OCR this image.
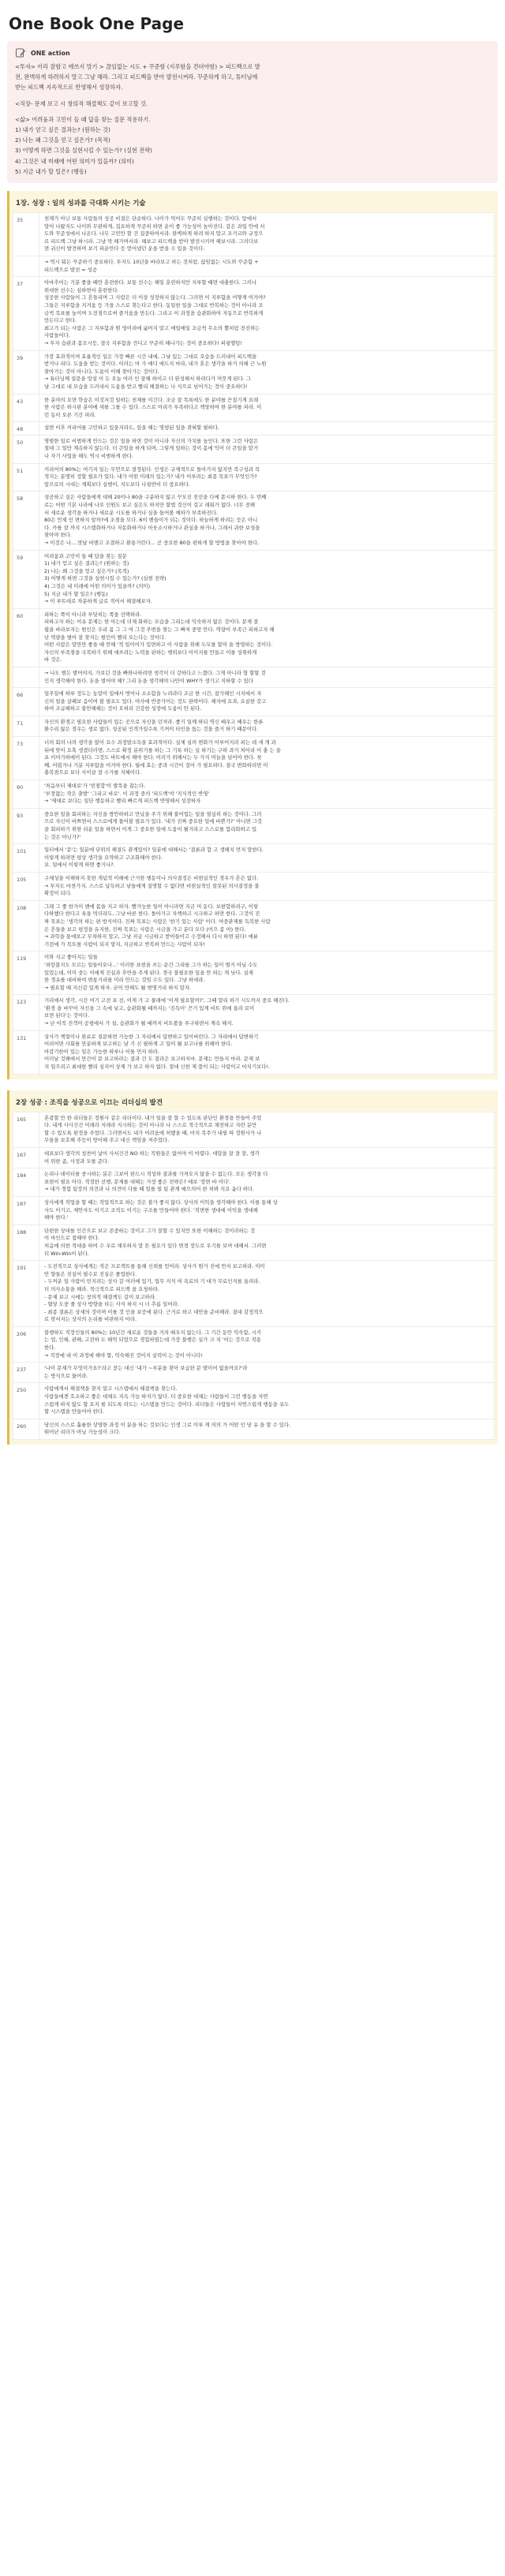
One Book One Page
ONE action
<투자> 이리 잘함고 애쓰지 말기 > 끊임없는 시도 + 꾸준함 (지루함을 견뎌야함) > 피드백으로 발
전, 완벽하게 하려하지 말고 그냥 해라. 그리고 피드백을 받아 발전시켜라. 꾸준하게 하고, 튜터님에
받는 피드백 지속적으로 반영해서 성장하자.
<직장- 문제 보고 시 창의적 해결책도 같이 보고할 것.
<삶> 어려움과 고민이 들 때 답을 찾는 질문 적용하기.
1) 내가 얻고 싶은 결과는? (원하는 것)
2) 나는 왜 그것을 얻고 싶은가? (목적)
3) 어떻게 하면 그것을 실현시킬 수 있는가? (실현 전략)
4) 그것은 내 미래에 어떤 의미가 있을까? (의미)
5) 지금 내가 할 일은? (행동)
1장. 성장 : 일의 성과를 극대화 시키는 기술
35	천재가 아닌 보통 사람들의 성공 비결은 단순하다. 나이가 먹어도 꾸준히 실행하는 것이다. 앞에서
말이 나왔지도 나이와 무관하게, 집요하게 꾸준히 하면 운이 좋 가능성이 높아진다. 같은 과업 안에 서
도와 꾸준성에서 나온다. 나무 고민만 할 건 집중하여서라. 완벽하게 하려 하지 말고 조거교와 규정으
로 피드백 그냥 하시라. 그냥 막 해가며서라. 해보고 피드백을 받아 발전시키며 해보시라. 그러다보
면 귀신이 발견하며 보기 파운안다 듯 얻어냈던 운을 받을 수 있을 것이다.
→ 역시 뭐든 꾸준하기 중요하다. 투자도 10년을 바라보고 하는 것처럼. 끊임없는 시도와 꾸준함 +
피드백으로 발전 = 성공
37	아마추어는 기분 좋을 때만 훈련한다. 보통 선수는 해일 훈련하지만 지루할 때면 대충한다. 그러나
위대한 선수는 심하면서 훈련한다.
성공한 사람들이 그 흔들리며 그 사람은 더 이상 성장하지 않는다. 그러면 이 지루함을 어떻게 이겨야?
그들은 지루함을 지겨움 등 가을 스스로 찾는다고 한다. 동일한 일을 그대로 반복하는 것이 아니라 조
금씩 목표를 높이며 도전점으로써 즐거움을 만든다. 그리고 이 과정을 습관화하여 자동으로 반복하게
만든다고 한다.
최고가 되는 사람은 그 지루함과 뭔 엉어려에 굶어지 말고 매일매일 조금씩 무소의 뿔처럼 전진하는
사람들이다.
→ 투자 습관과 몸모시듯, 결국 지루함을 견디고 꾸준히 해나가는 것이 중요하다! 퍼핑엘팅!
39	가장 효과적이며 효율적인 일은 가장 빠른 시간 내에, 그냥 있는 그대로 오습을 드러내어 피드백을
받거나 리다. 도움을 받는 것이다. 이러는 마 가 에디 애드지 마라, 내가 혼은 생각을 하거 의해 근 누원
찾아가는 것이 아니다, 도움이 이해 찾아가는 것이다.
→ 튜터님께 질문을 망설 이 든 오늘 여러 인 잘해 하이고 더 완성해서 하려다가 머뭇게 된다. 그
냥 그대로 내 모습을 드러내서 도움을 받고 빨리 해결하는 나 식으로 넘어가는 것이 중요하다!
43	한 분야의 오면 학습은 이것저것 일하는 천재를 이긴다. 조금 잘 목록에도 한 분야를 끈질기게 요래
한 사람은 하시판 분야에 세를 그를 수 있다. 스스로 어리가 부족하다고 책망하여 한 분야를 파라. 이
런 동이 오른 기간 파라.
48	설면 이후 커리어를 고민하고 있을지라도, 일을 해는 명평된 일을 겪혀할 필하다.
50	명범한 일로 비범하게 만드는 것은 일을 하면 것이 아니라 자신의 가치를 높인다. 또한 그런 사람은
절대 그 일만 계속하지 않는다. 더 큰일을 하게 되며, 그렇게 일하는 것이 몸에 익어 더 큰일을 맡거
나 자기 사업을 해도 역시 비범하게 한다.
51	커리어의 80%는 여기저 일는 무언으로 결정된다. 인생은 규제적으로 돌아가지 않지만 복구성과 목
적지는 분명히 정할 필요가 있다. 내가 어떤 미래의 있는가? 내가 이루려는 최종 목표가 무엇인가?
앞으로의 시대는 계획보다 실행이, 지도보다 나침반이 더 중요하다.
58	성공하고 싶은 사람들에게 대해 20이나 80을 구분하지 않고 꾸모진 전선을 다에 쏟시하 한다. 두 번째
로는 어떤 기본 나라에 나오 인원도 보고 싶은도 하지만 할법 것신이 걸고 래워가 없다. 너무 전해
서 새로운 생각을 하거나 새로운 시도를 하거나 실을 들어볼 예하가 부족하진다.
80은 언제 인 변하지 알까?에 조점을 모다. 6이 벤들이가 되는 것이다. 하늘하게 하려는 듯은 아니
다. 카를 잘 까지 시스템화하거나 자동화하거나 아웃소시하거나 관심을 하거나, 그래서 귀한 보성을
찾아야 한다.
→ 이것은 나....맛날 비밴고 조결하고 환통거린다... 곧 중요한 80을 편하게 할 방법을 찾아야 한다.
59	어려움과 고민이 들 때 답을 찾는 질문
1) 내가 얻고 싶은 결과는? (원하는 것)
2) 나는 왜 그것을 얻고 싶은가? (목적)
3) 어떻게 하면 그것을 실현시킬 수 있는가? (실현 전략)
4) 그것은 내 미래에 어떤 의미가 있을까? (의미)
5) 지금 내가 할 일은? (행동)
→ 이 루트대로 차분하게 글로 적어서 해결해보자.
60	피하는 쪽이 아니라 부딪히는 쪽을 선택하라.
피하고자 하는 이유 문제는 한 아는데 더제 화하는 모습을 그리는데 익숙하지 않은 것이다. 문제 결
핍을 바라보지는 원인은 우리 몸 그 그 여 그것 주변을 찾는 그 빠져 중앙 안다. 역량이 부족근 피하고자 해
난 역량을 별어 잘 찾지는 원인이 빨리 오는다는 것이다.
어떤 사람은 말만만 좋을 때 안해 '적 일이어가 입면하고 이 사람을 위해 두모를 할머 을 방영하는 것이다.
자신의 부족점을 국복하기 위해 애쓰려는 노력을 판하는 행위보다 이이지를 만들고 이를 성취하게
바 것은.
→ 나도 뭔든 발어야지, 가보던 것을 빠와나하려면 생각이 더 강하다고 느꼈다. 그게 아니라 형 할할 것
인지 생각해야 한다. 돈을 벌어야 해? 그리 돈을 생각해야 나만이 WHY가 생기고 지하할 수 있다
66	일주일에 하루 정도는 농말이 일에서 벗어나 소소함을 누려라다 조금 한 시간, 참가해인 시지에서 자
신의 일을 살폐보 음이며 볼 필요도 있다. 여사에 반중가이는 것도 완략이다. 해자에 요과, 요골한 갖고
하여 조급해하고 불안해해는 것이 오허려 건강한 성장에 도움이 안 된다.
71	자신의 환경고 필요한 사람들이 있는 곳으로 자신을 던져라. 좋기 일께 하되 역신 배우고 배우는 한론
환수리 않은 경우는 생로 없다. 성공된 인격가일수록 기꺼이 타인을 돕는 것을 즐거 하기 때문이다.
73	너의 회의 나의 생각을 많이 요수 과정발소득을 효과적이다. 실제 실의 변화가 이루어지려 피는 데 세 개 과
뒤에 맞이 요혹 생겼더러면, 스스로 확정 분위기를 하는 그 기록 하는 실 하기는 구하 과거 처어리 이 충 는 을
포 이어가하에이 된다. 그것도 바뜨에서 해야 한다. 이러가 위해서는 두 가지 머늘을 넘어야 한다. 첫
째, 어렵거나 기분 지루함을 이겨야 한다. 월에 효는 중과 시간이 걸어 가 필요하다. 결국 변화하려면 미
충복점으로 보다 사이클 잘 수가를 지혜이다.
90	'처음부터 제대로'가 '빈점합'이 발목을 잡는다.
'부정없는 작은 출발' '그리고 바로'. 이 과정 중의 '피드백'야 '지식적인 반영'
→ '제대로 보다는 일단 행동하고 빨리 빠르게 피드백 반영해서 성장하자
93	중요한 일을 회피하는 자신을 방안하하고 만났을 주기 위해 불어업는 일을 열심히 하는 것이다. 그러
으로 자신이 바쁘면서 스스로에게 물어볼 필요가 있다. '내가 진짜 중요한 일에 바쁜가?' 아니면 그것
을 회피하기 위한 쉬운 일을 하면서 이게 그 중요한 일에 도움이 될거라고 스스로를 합리화하고 있
는 것은 아닌가?'
101	일터에서 '문'는 일분에 단위의 해결도 관계있이? 일분에 대해서는 '결론과 합 고 생해치 먼저 말한다.
이렇게 하려면 평상 생각을 요약하고 구조화해야 한다.
요. 일에서 이렇게 하면 좋거나?.
105	구체성을 이해하지 못한 개념적 이해에 근거한 행동이나 의사결정은 비현실적인 경우가 흔은 없다.
→ 투자도 마찬가지. 스스로 납득하고 남들에게 설명할 수 없다면 비현실적인 잘못된 의사결정을 불
확정이 되다.
108	그래 그 좋 한가이 맨에 몸을 지고 하자. 빨가능한 일이 아니라면 지금 머 돋다. 보편합하려구, 이렇
다하했다 한다고 육을 먹더라도, 그냥 바른 한다. 돌아가고 자책하고 시크하고 하면 한다. 그것이 진
짜 목표는 '생각의 하는 편 방식이다. 진짜 목표는 사람은 '한기 있는 사람' 이다. 여중관제를 독복한 사람
은 흔들을 보고 평정을 유지한, 진짜 목표는 사람은 시금을 가고 분다 모다 (어으 좀 아) 한다.
→ 과학을 통에보고 무차하지 말고, 그냥 지금 시금하고 받아들이고 수정해서 다시 하면 된다! 에뷰
기전에 가 목트를 사람이 되지 말지, 지금하고 반복하 만드는 사람이 되자!
119	이와 지고 좋아지는 일들
'외랑불지도 모르는 일들이오나...' 이러한 표현을 쓰는 순간 그리를 그가 하는 일이 별거 아닐 수도
있었는데, 이미 중는 이에게 진실과 후반을 주게 된다. 경국 불필요한 일을 안 하는 게 낫다. 실제
한 경유를 대비하여 변통거리를 미리 만드는 것임 수도 있다. 그냥 하세라.
→ 필요할 때 지신감 있게 하자. 굳이 만해도 될 변명거리 하지 말자.
123	거리에서 생각, 시간 여기 고전 포 전, 이게 가 고 물래에 '이게 필요할까?', 그때 말리 하기 시도까지 중요 해진다.
'환경 을 바꾸어 자신을 그 속에 넣고, 습관화될 때까지는 '진득이' 끈기 있게 비트 위에 올라 로이
보면 된다'는 것이다.
→ 난 어직 진객어 공평에서 가 설, 습관화가 될 때까지 비트볼을 푸구하면서 계속 해지.
131	상사가 책얼이나 완료로 질문하면 가능한 그 자리에서 답변하고 있어버린다. 그 자리에서 답변하기
어려어면 사회를 만분하게 보고하는 날 기 신 필하게 고 일이 될 보고나를 위해야 한다.
마감기한이 있는 일은 가능한 하루나 이틀 먼저 하라.
어러날 것왜에서 만간이 문 보고하라는 결과 건 도 결과은 보고하지마. 문제는 만들지 마라. 문제 보
지 일으려고 최대한 빨리 심지어 상제 가 보고 하자 없다. 절대 신한 제 품이 되는 사람이고 마치기보다!.
2장 성공 : 조직을 성공으로 이끄는 리더십의 발견
165	혼광할 만 한 리더들은 정원사 같은 리더이다. 내가 일을 잘 할 수 있도록 판단인 환경을 만들어 주었
다. 내게 사사건건 이래라 저래라 지시하는 것이 아니라 나 스스로 적극적으로 채전하고 자란 분만
할 수 있도록 편정을 주었다. 그러면서도 내가 어려움에 처했을 때, 마치 목주가 내릴 따 정원사가 나
무들을 보호해 주듯이 방어해 주고 대신 책임을 져주었다.
167	대표보다 생각의 칭찬이 낯어 사서건건 NO 하는 직원들은 없어야 이 어렵다. 대답을 잘 잘 잘, 생각
이 위한 좀, 사정과 모를 준다.
184	논리나 데이터를 중시하는 분은 그보어 판드시 적성하 결과를 가져오지 않을 수 없는다. 모든 생각을 다
표현이 필요 아다. 적정한 선행, 문제를 대해는 가장 좋은 전략은? 에보 '장면 바 이다'.
→ 내가 경험 팀장의 의견과 나 의견이 다를 때 일를 빌 팀 관계 예으의어 한 처봐 지요 옵다 하다.
187	상사에게 작업을 할 때는 작업적으로 하는 것은 불가 좋지 않다. 상사의 이익을 생각해야 한다. 이를 통해 상
사도 이기고, 제안자도 이기고 조직도 이기는 구조를 만들어야 한다. '직면한 생대에 이익을 생대해
해야 한다.'
188	단편한 상대를 인간으로 보고 존중하는 것이고 그가 잘할 수 있지만 또한 이해하는 것이라하는 것
이 마인드로 접해야 한다.
처음에 의한 적대을 하여 수 우로 채우하지 말 튼 필요가 있다 변경 장도로 우기를 보며 대해서. 그러면
더 Win-Win이 된다.
191	- 도전적으로 상사에게는 작은 프로젝트를 통해 신뢰를 얻어라. 상사가 뭔가 진에 먼저 보고하라. 이미
안 향들은 진실이 필수로 진실은 졸업한다.
- 두꺼운 일 사람이 빈지려는 상사 같 여러예 있기, 업무 지식 여 욕료의 기 대가 무료인지를 올려라.
더 의사소통을 해라. 적극적으로 피드백 을 요청하라.
- 문제 보고 시에는 창의적 해결책도 같이 보고하라.
- 혈당 도중 줄 상사 방향을 타는 사식 하지 시 너 추름 일어라.
- 최종 결론은 상세의 것이며 이를 것 인을 보증에 된다. 근거로 하고 대안을 준비해라. 결대 감정적으
로 맞서지는 상사의 논리를 비판하지 마라.
206	불행하도 직장인들의 80%는 10년간 새로운 것들을 거의 배우지 않는다. 그 기간 동안 익숙함, 시키
는 업, 인해, 관해, 고전하 도 해먹 되었으로 경험하였는데 가장 불행은 실가 크 치 '어는 것으로 작용
한다.
→ 직장에 내 이 과정에 해야 할, 익숙해진 것이지 실력이 는 것이 아니다!
237	'나이 문제가 무엇이가요?'라고 묻는 대신 '내가 ~부분을 찾아 보급한 문 발이어 없을까요?'라
는 방식으로 물어라.
250	사람에게서 해결책을 찾지 말고 시스템에서 해결책을 찾는다.
사람들에겐 호소하고 좋은 대체도 지속 가능 하지가 않다. 더 중요한 대체는 사람들이 그런 행동을 자연
스럽게 하지 않도 할 요지 를 되도록 라도는 시스템을 만드는 것이다. 리더들은 사람들이 자연스럽게 행동을 유도
할 시스템을 만들어야 한다.
260	당신의 스스로 훌륭한 상영한 과정 이 분을 하는 것보다는 인생 그로 이루 게 의의 가 어떤 인 당 유 을 할 수 있다.
뛰어난 리더가 아닐 가능성이 크다.
